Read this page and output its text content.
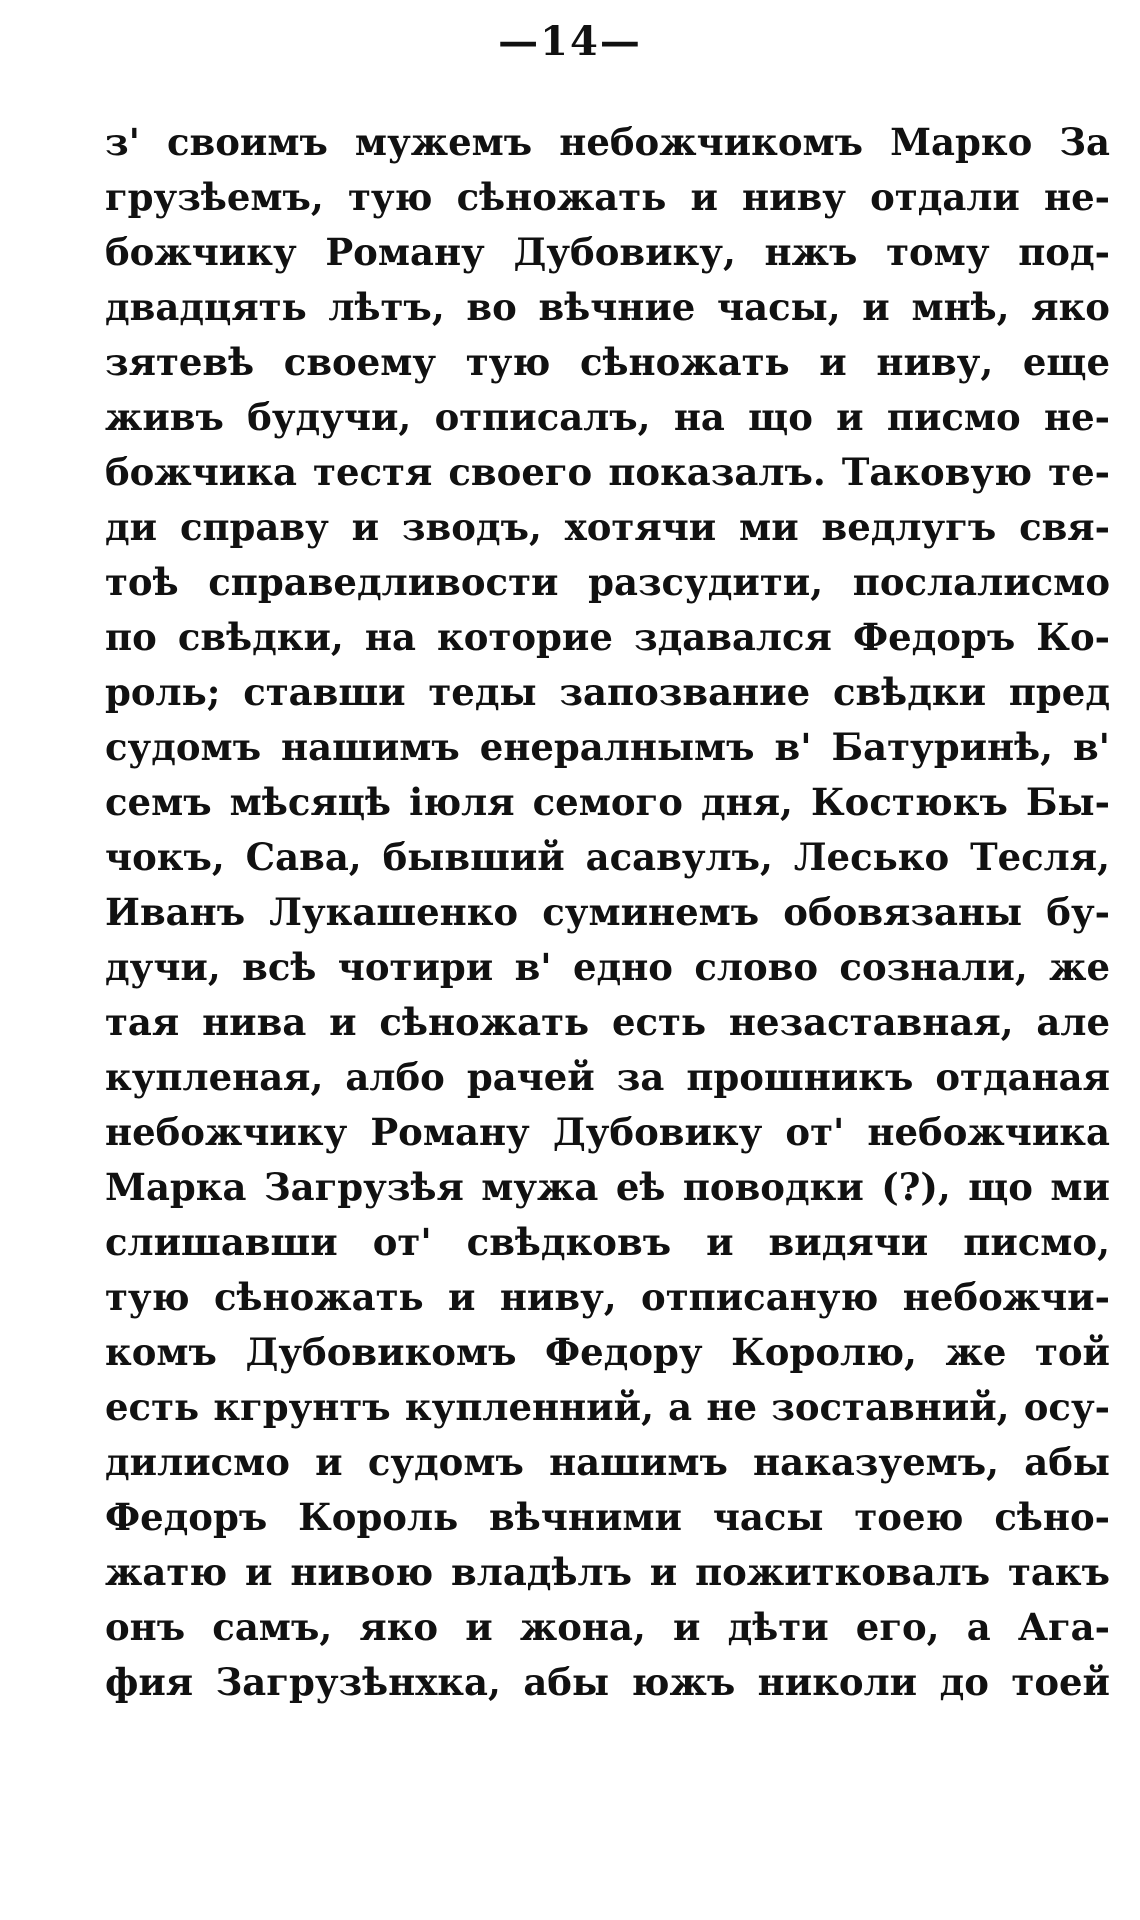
—14—
з' своимъ мужемъ небожчикомъ Марко За
грузѣемъ, тую сѣножать и ниву отдали не-
божчику Роману Дубовику, нжъ тому под-
двадцять лѣтъ, во вѣчние часы, и мнѣ, яко
зятевѣ своему тую сѣножать и ниву, еще
живъ будучи, отписалъ, на що и писмо не-
божчика тестя своего показалъ. Таковую те-
ди справу и зводъ, хотячи ми ведлугъ свя-
тоѣ справедливости разсудити, послалисмо
по свѣдки, на которие здавался Федоръ Ко-
роль; ставши теды запозвание свѣдки пред
судомъ нашимъ енералнымъ в' Батуринѣ, в'
семъ мѣсяцѣ іюля семого дня, Костюкъ Бы-
чокъ, Сава, бывший асавулъ, Лесько Тесля,
Иванъ Лукашенко суминемъ обовязаны бу-
дучи, всѣ чотири в' едно слово сознали, же
тая нива и сѣножать есть незаставная, але
купленая, албо рачей за прошникъ отданая
небожчику Роману Дубовику от' небожчика
Марка Загрузѣя мужа еѣ поводки (?), що ми
слишавши от' свѣдковъ и видячи писмо,
тую сѣножать и ниву, отписаную небожчи-
комъ Дубовикомъ Федору Королю, же той
есть кгрунтъ купленний, а не зоставний, осу-
дилисмо и судомъ нашимъ наказуемъ, абы
Федоръ Король вѣчними часы тоею сѣно-
жатю и нивою владѣлъ и пожитковалъ такъ
онъ самъ, яко и жона, и дѣти его, а Ага-
фия Загрузѣнхка, абы южъ николи до тоей
